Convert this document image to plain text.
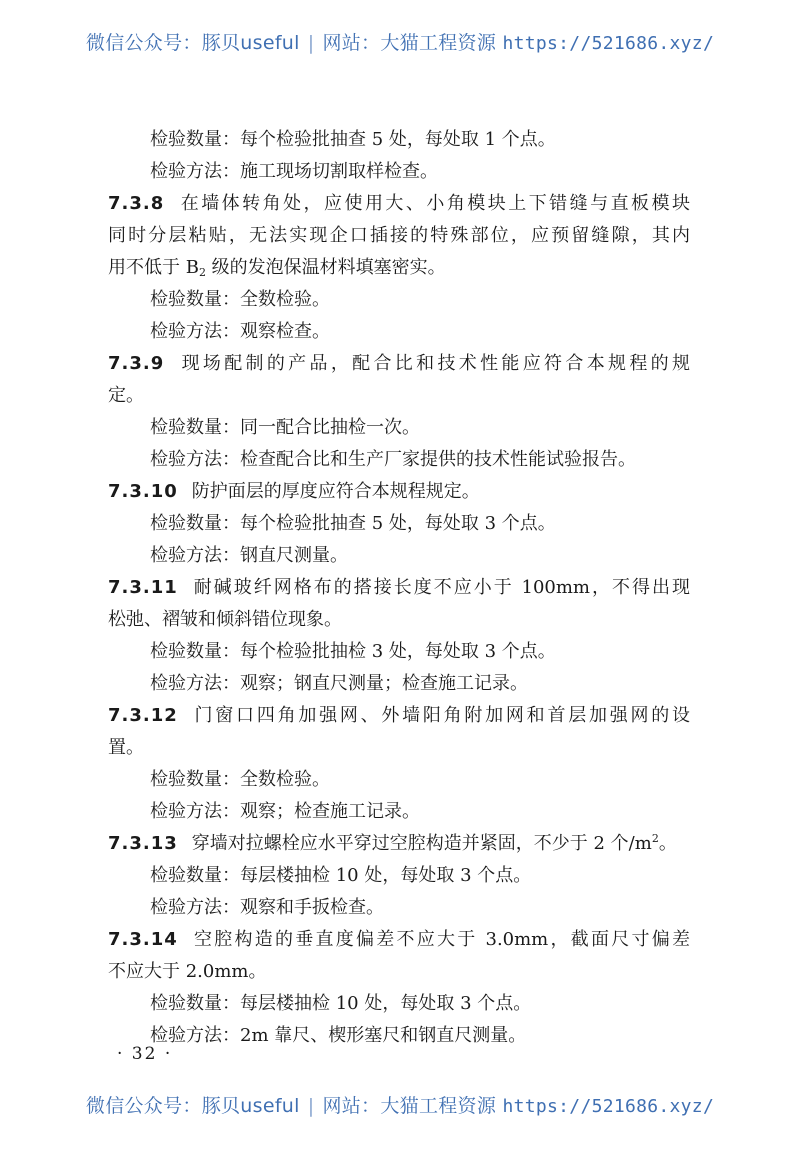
微信公众号：豚贝useful | 网站：大猫工程资源 https://521686.xyz/
检验数量：每个检验批抽查 5 处，每处取 1 个点。
检验方法：施工现场切割取样检查。
7.3.8 在墙体转角处，应使用大、小角模块上下错缝与直板模块
同时分层粘贴，无法实现企口插接的特殊部位，应预留缝隙，其内
用不低于 $B_2$ 级的发泡保温材料填塞密实。
检验数量：全数检验。
检验方法：观察检查。
7.3.9 现场配制的产品，配合比和技术性能应符合本规程的规
定。
检验数量：同一配合比抽检一次。
检验方法：检查配合比和生产厂家提供的技术性能试验报告。
7.3.10 防护面层的厚度应符合本规程规定。
检验数量：每个检验批抽查 5 处，每处取 3 个点。
检验方法：钢直尺测量。
7.3.11 耐碱玻纤网格布的搭接长度不应小于 100mm，不得出现
松弛、褶皱和倾斜错位现象。
检验数量：每个检验批抽检 3 处，每处取 3 个点。
检验方法：观察；钢直尺测量；检查施工记录。
7.3.12 门窗口四角加强网、外墙阳角附加网和首层加强网的设
置。
检验数量：全数检验。
检验方法：观察；检查施工记录。
7.3.13 穿墙对拉螺栓应水平穿过空腔构造并紧固，不少于 2 个$/m^2$。
检验数量：每层楼抽检 10 处，每处取 3 个点。
检验方法：观察和手扳检查。
7.3.14 空腔构造的垂直度偏差不应大于 3.0mm，截面尺寸偏差
不应大于 2.0mm。
检验数量：每层楼抽检 10 处，每处取 3 个点。
检验方法：2m 靠尺、楔形塞尺和钢直尺测量。
· 32 ·
微信公众号：豚贝useful | 网站：大猫工程资源 https://521686.xyz/
